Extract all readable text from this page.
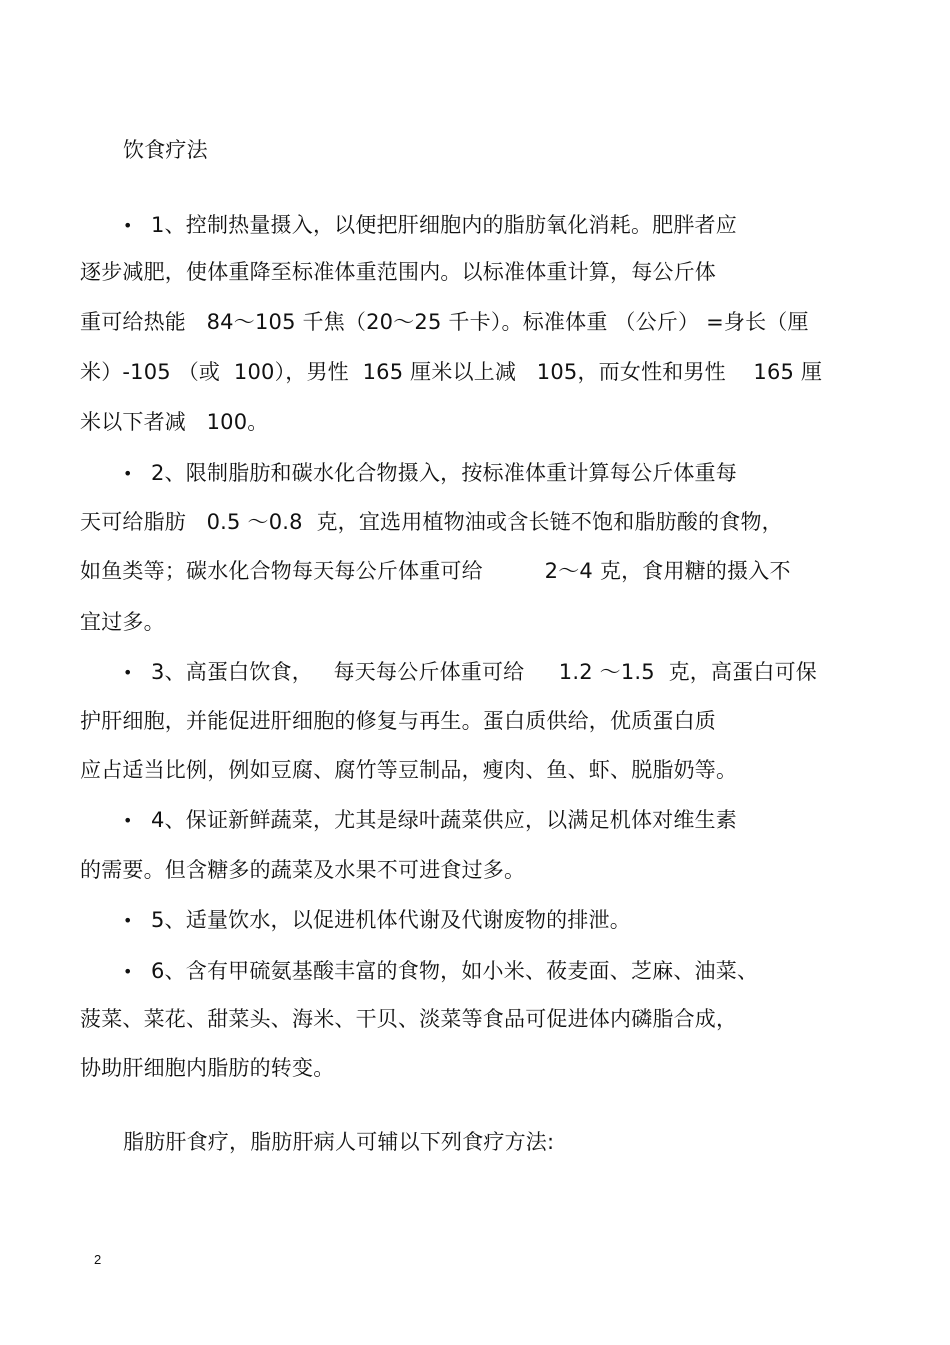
饮食疗法
• 1、控制热量摄入，以便把肝细胞内的脂肪氧化消耗。肥胖者应
逐步减肥，使体重降至标准体重范围内。以标准体重计算，每公斤体
重可给热能   84～105 千焦（20～25 千卡）。标准体重 （公斤） =身长（厘
米）-105 （或  100），男性  165 厘米以上减   105，而女性和男性    165 厘
米以下者减   100。
• 2、限制脂肪和碳水化合物摄入，按标准体重计算每公斤体重每
天可给脂肪   0.5 ～0.8  克，宜选用植物油或含长链不饱和脂肪酸的食物，
如鱼类等；碳水化合物每天每公斤体重可给         2～4 克，食用糖的摄入不
宜过多。
• 3、高蛋白饮食，   每天每公斤体重可给     1.2 ～1.5  克，高蛋白可保
护肝细胞，并能促进肝细胞的修复与再生。蛋白质供给，优质蛋白质
应占适当比例，例如豆腐、腐竹等豆制品，瘦肉、鱼、虾、脱脂奶等。
• 4、保证新鲜蔬菜，尤其是绿叶蔬菜供应，以满足机体对维生素
的需要。但含糖多的蔬菜及水果不可进食过多。
• 5、适量饮水，以促进机体代谢及代谢废物的排泄。
• 6、含有甲硫氨基酸丰富的食物，如小米、莜麦面、芝麻、油菜、
菠菜、菜花、甜菜头、海米、干贝、淡菜等食品可促进体内磷脂合成，
协助肝细胞内脂肪的转变。
脂肪肝食疗，脂肪肝病人可辅以下列食疗方法:
2
